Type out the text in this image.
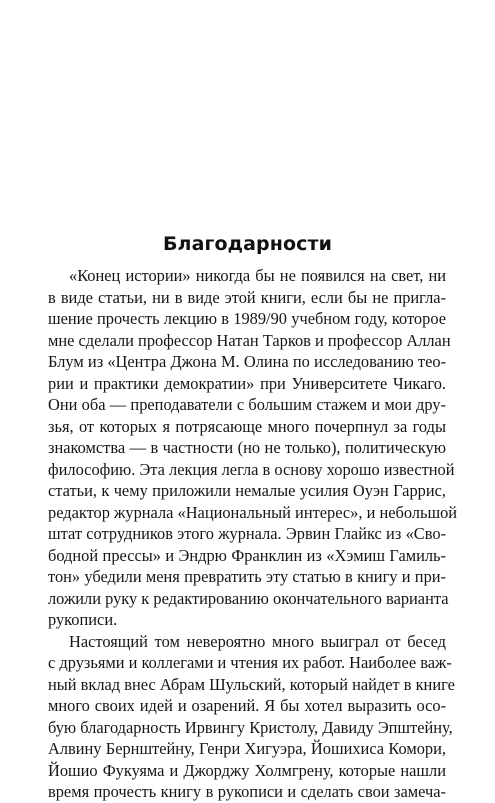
Благодарности
«Конец истории» никогда бы не появился на свет, ни
в виде статьи, ни в виде этой книги, если бы не пригла-
шение прочесть лекцию в 1989/90 учебном году, которое
мне сделали профессор Натан Тарков и профессор Аллан
Блум из «Центра Джона М. Олина по исследованию тео-
рии и практики демократии» при Университете Чикаго.
Они оба — преподаватели с большим стажем и мои дру-
зья, от которых я потрясающе много почерпнул за годы
знакомства — в частности (но не только), политическую
философию. Эта лекция легла в основу хорошо известной
статьи, к чему приложили немалые усилия Оуэн Гаррис,
редактор журнала «Национальный интерес», и небольшой
штат сотрудников этого журнала. Эрвин Глайкс из «Сво-
бодной прессы» и Эндрю Франклин из «Хэмиш Гамиль-
тон» убедили меня превратить эту статью в книгу и при-
ложили руку к редактированию окончательного варианта
рукописи.
Настоящий том невероятно много выиграл от бесед
с друзьями и коллегами и чтения их работ. Наиболее важ-
ный вклад внес Абрам Шульский, который найдет в книге
много своих идей и озарений. Я бы хотел выразить осо-
бую благодарность Ирвингу Кристолу, Давиду Эпштейну,
Алвину Бернштейну, Генри Хигуэра, Йошихиса Комори,
Йошио Фукуяма и Джорджу Холмгрену, которые нашли
время прочесть книгу в рукописи и сделать свои замеча-
